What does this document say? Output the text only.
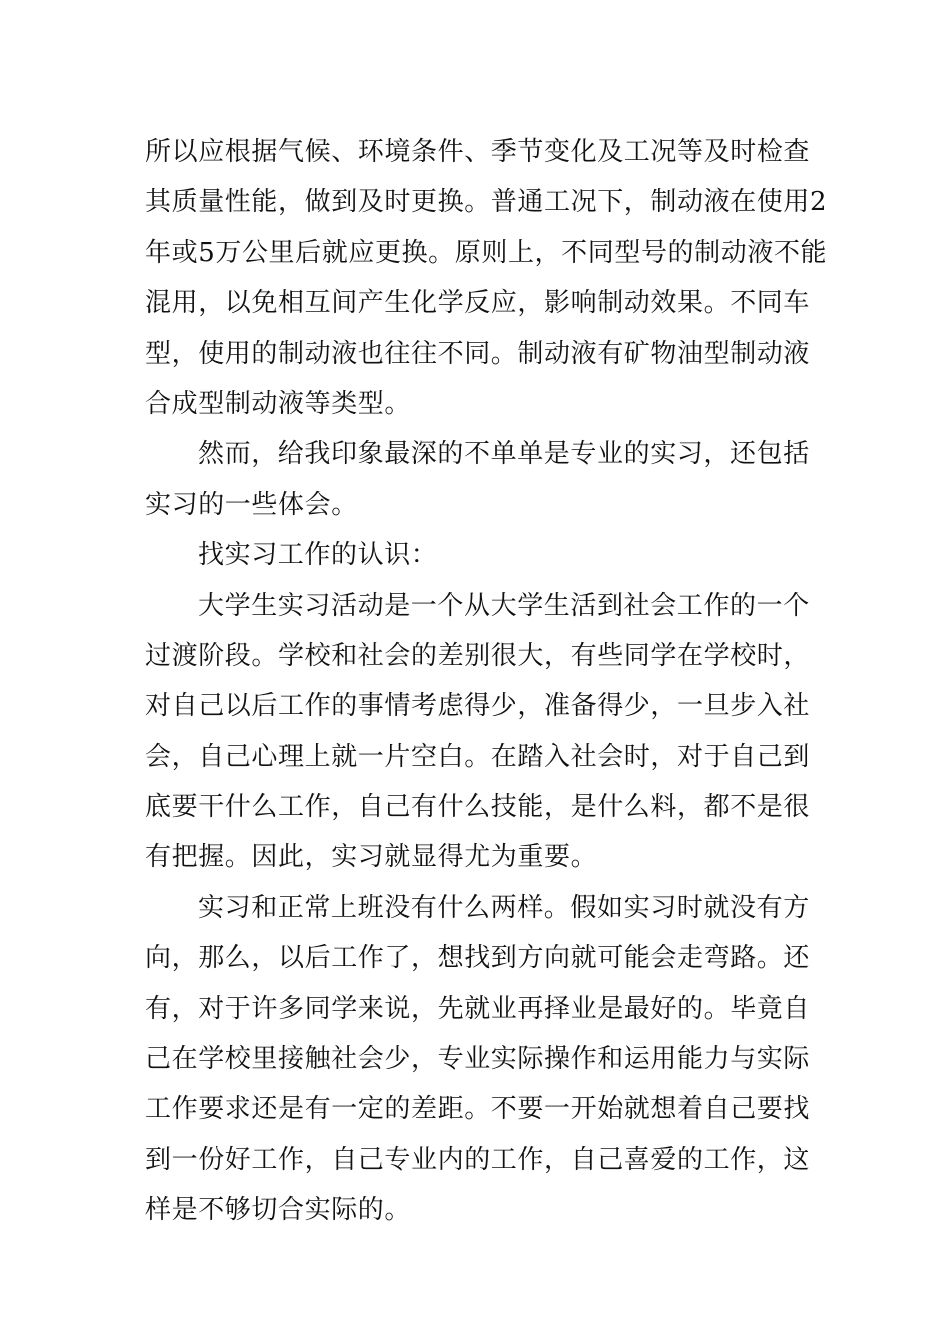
所以应根据气候、环境条件、季节变化及工况等及时检查
其质量性能，做到及时更换。普通工况下，制动液在使用2
年或5万公里后就应更换。原则上，不同型号的制动液不能
混用，以免相互间产生化学反应，影响制动效果。不同车
型，使用的制动液也往往不同。制动液有矿物油型制动液
合成型制动液等类型。
然而，给我印象最深的不单单是专业的实习，还包括
实习的一些体会。
找实习工作的认识：
大学生实习活动是一个从大学生活到社会工作的一个
过渡阶段。学校和社会的差别很大，有些同学在学校时，
对自己以后工作的事情考虑得少，准备得少，一旦步入社
会，自己心理上就一片空白。在踏入社会时，对于自己到
底要干什么工作，自己有什么技能，是什么料，都不是很
有把握。因此，实习就显得尤为重要。
实习和正常上班没有什么两样。假如实习时就没有方
向，那么，以后工作了，想找到方向就可能会走弯路。还
有，对于许多同学来说，先就业再择业是最好的。毕竟自
己在学校里接触社会少，专业实际操作和运用能力与实际
工作要求还是有一定的差距。不要一开始就想着自己要找
到一份好工作，自己专业内的工作，自己喜爱的工作，这
样是不够切合实际的。
